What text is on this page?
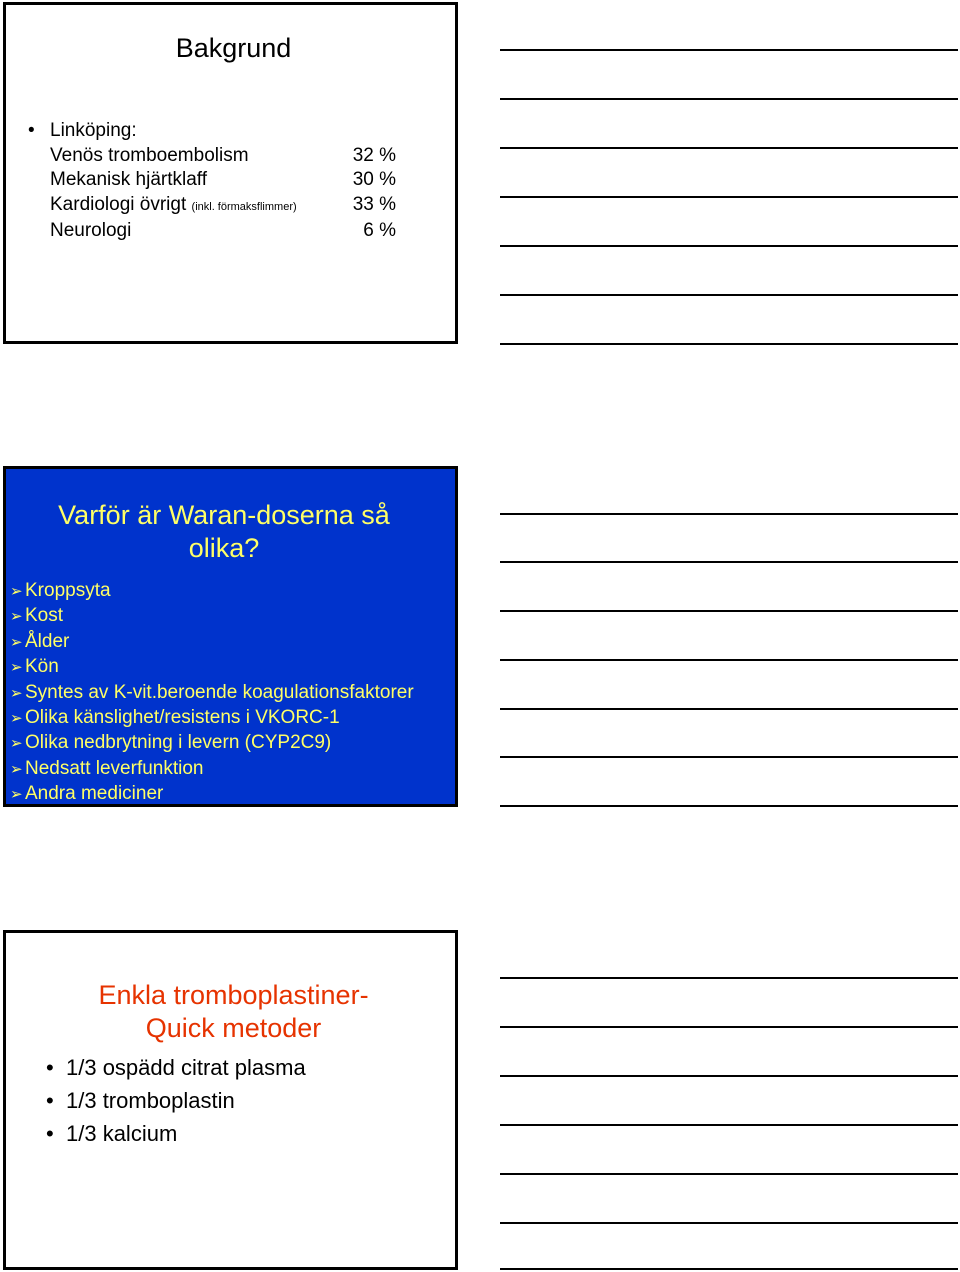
Bakgrund
• Linköping:
Venös tromboembolism	32 %
Mekanisk hjärtklaff	30 %
Kardiologi övrigt (inkl. förmaksflimmer)	33 %
Neurologi	6 %
Varför är Waran-doserna så
olika?
➢ Kroppsyta
➢ Kost
➢ Ålder
➢ Kön
➢ Syntes av K-vit.beroende koagulationsfaktorer
➢ Olika känslighet/resistens i VKORC-1
➢ Olika nedbrytning i levern (CYP2C9)
➢ Nedsatt leverfunktion
➢ Andra mediciner
Enkla tromboplastiner-
Quick metoder
• 1/3 ospädd citrat plasma
• 1/3 tromboplastin
• 1/3 kalcium
